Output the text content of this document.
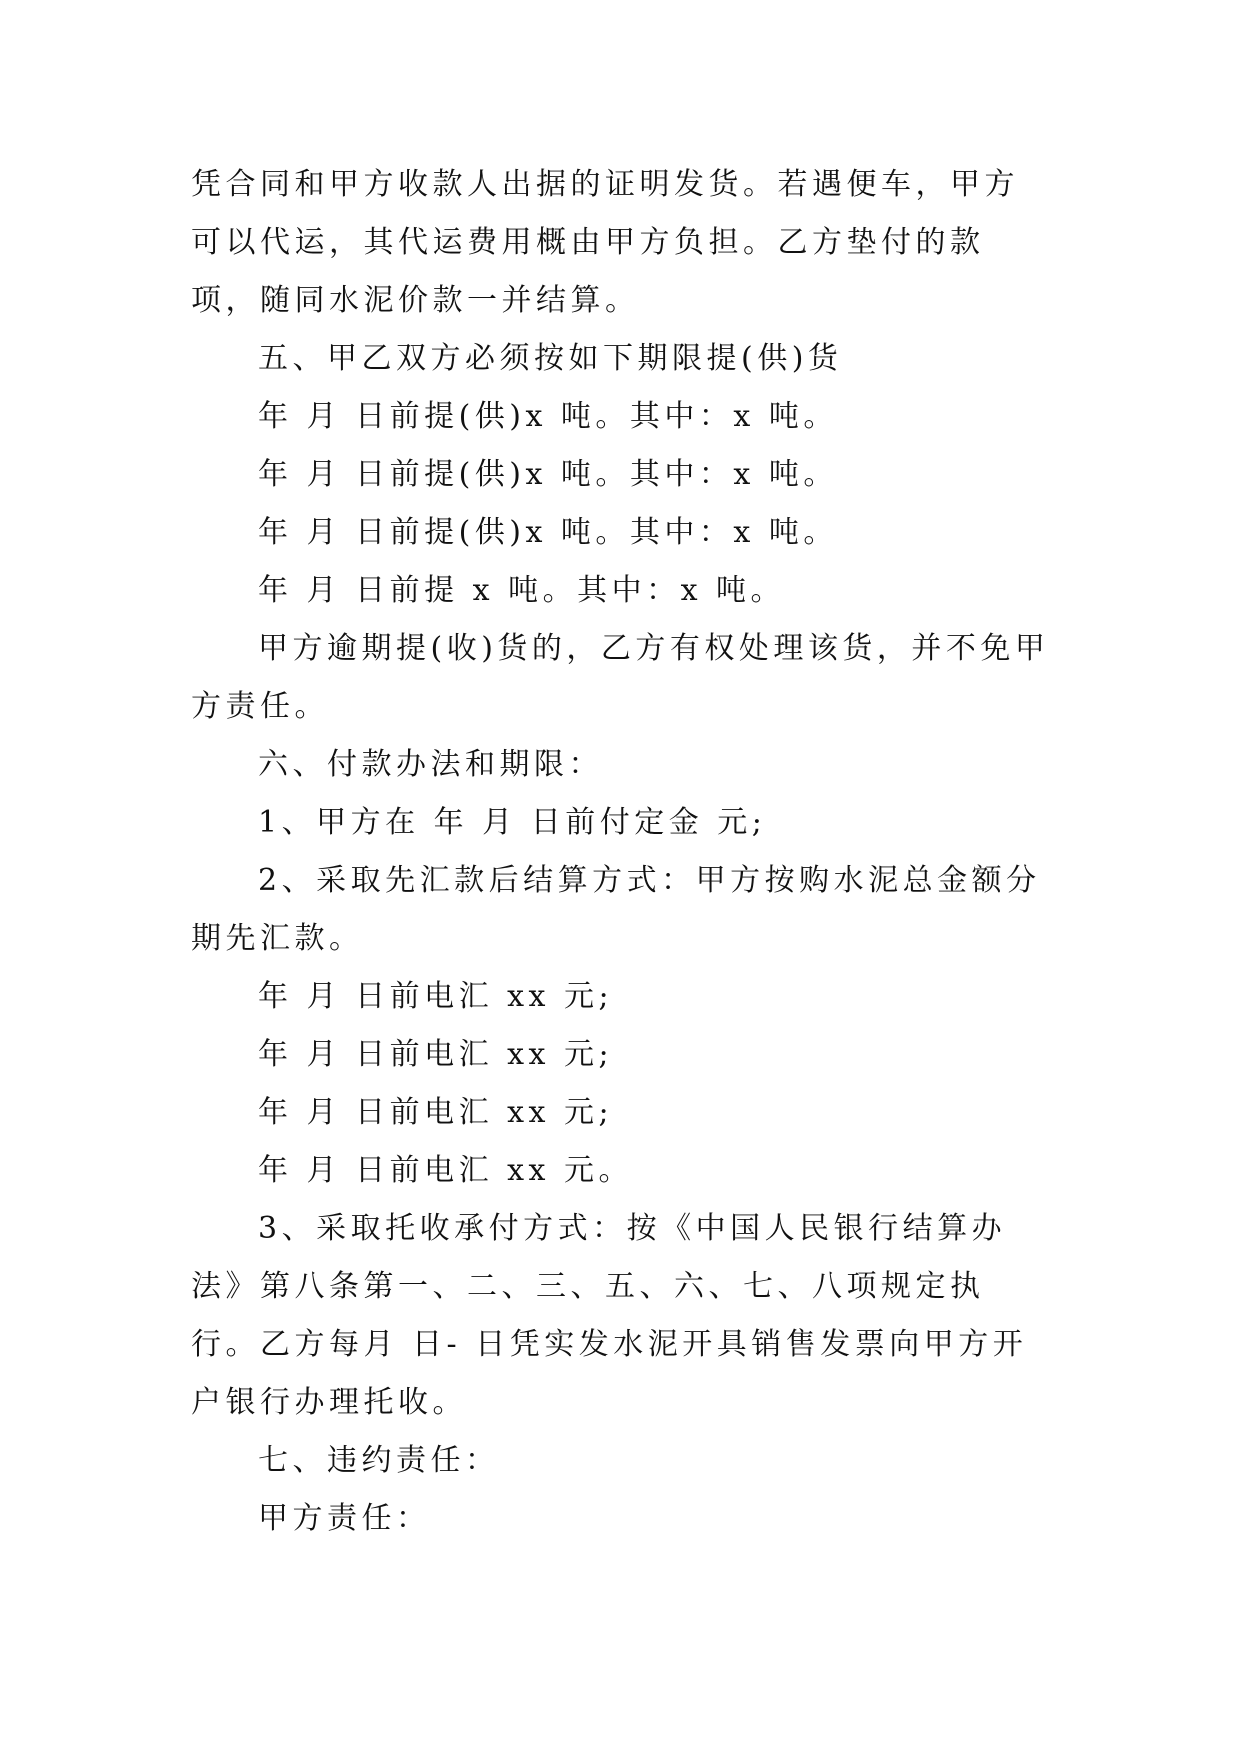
凭合同和甲方收款人出据的证明发货。若遇便车，甲方可以代运，其代运费用概由甲方负担。乙方垫付的款项，随同水泥价款一并结算。

五、甲乙双方必须按如下期限提(供)货

年 月 日前提(供)x 吨。其中：x 吨。

年 月 日前提(供)x 吨。其中：x 吨。

年 月 日前提(供)x 吨。其中：x 吨。

年 月 日前提 x 吨。其中：x 吨。

甲方逾期提(收)货的，乙方有权处理该货，并不免甲方责任。

六、付款办法和期限：

1、甲方在 年 月 日前付定金 元;

2、采取先汇款后结算方式：甲方按购水泥总金额分期先汇款。

年 月 日前电汇 xx 元;

年 月 日前电汇 xx 元;

年 月 日前电汇 xx 元;

年 月 日前电汇 xx 元。

3、采取托收承付方式：按《中国人民银行结算办法》第八条第一、二、三、五、六、七、八项规定执行。乙方每月 日- 日凭实发水泥开具销售发票向甲方开户银行办理托收。

七、违约责任：

甲方责任：
